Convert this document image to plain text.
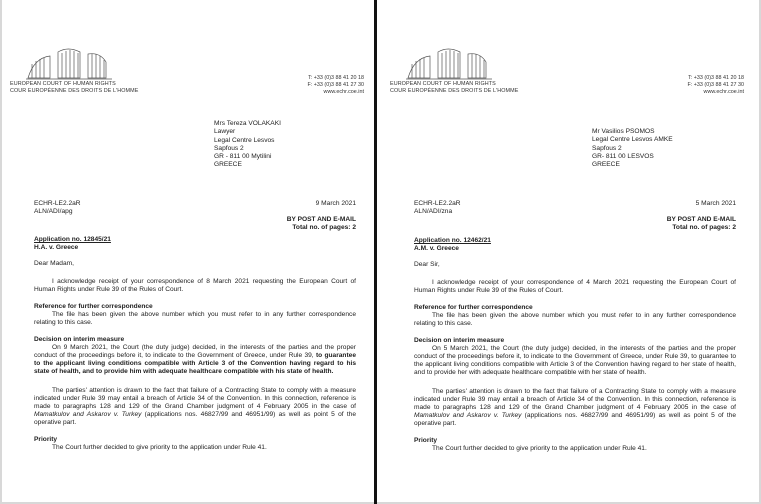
EUROPEAN COURT OF HUMAN RIGHTS
COUR EUROPÉENNE DES DROITS DE L'HOMME
T: +33 (0)3 88 41 20 18
F: +33 (0)3 88 41 27 30
www.echr.coe.int
Mrs Tereza VOLAKAKI
Lawyer
Legal Centre Lesvos
Sapfous 2
GR - 811 00 Mytilini
GREECE
ECHR-LE2.2aR
ALN/ADI/apg
9 March 2021
BY POST AND E-MAIL
Total no. of pages: 2

Application no. 12845/21

H.A. v. Greece

Dear Madam,

I acknowledge receipt of your correspondence of 8 March 2021 requesting the European Court of Human Rights under Rule 39 of the Rules of Court.

Reference for further correspondence

The file has been given the above number which you must refer to in any further correspondence relating to this case.

Decision on interim measure

On 9 March 2021, the Court (the duty judge) decided, in the interests of the parties and the proper conduct of the proceedings before it, to indicate to the Government of Greece, under Rule 39, to guarantee to the applicant living conditions compatible with Article 3 of the Convention having regard to his state of health, and to provide him with adequate healthcare compatible with his state of health.

The parties' attention is drawn to the fact that failure of a Contracting State to comply with a measure indicated under Rule 39 may entail a breach of Article 34 of the Convention. In this connection, reference is made to paragraphs 128 and 129 of the Grand Chamber judgment of 4 February 2005 in the case of Mamatkulov and Askarov v. Turkey (applications nos. 46827/99 and 46951/99) as well as point 5 of the operative part.

Priority

The Court further decided to give priority to the application under Rule 41.

EUROPEAN COURT OF HUMAN RIGHTS
COUR EUROPÉENNE DES DROITS DE L'HOMME
T: +33 (0)3 88 41 20 18
F: +33 (0)3 88 41 27 30
www.echr.coe.int
Mr Vasilios PSOMOS
Legal Centre Lesvos AMKE
Sapfous 2
GR- 811 00 LESVOS
GREECE
ECHR-LE2.2aR
ALN/ADI/zna
5 March 2021
BY POST AND E-MAIL
Total no. of pages: 2

Application no. 12462/21

A.M. v. Greece

Dear Sir,

I acknowledge receipt of your correspondence of 4 March 2021 requesting the European Court of Human Rights under Rule 39 of the Rules of Court.

Reference for further correspondence

The file has been given the above number which you must refer to in any further correspondence relating to this case.

Decision on interim measure

On 5 March 2021, the Court (the duty judge) decided, in the interests of the parties and the proper conduct of the proceedings before it, to indicate to the Government of Greece, under Rule 39, to guarantee to the applicant living conditions compatible with Article 3 of the Convention having regard to her state of health, and to provide her with adequate healthcare compatible with her state of health.

The parties' attention is drawn to the fact that failure of a Contracting State to comply with a measure indicated under Rule 39 may entail a breach of Article 34 of the Convention. In this connection, reference is made to paragraphs 128 and 129 of the Grand Chamber judgment of 4 February 2005 in the case of Mamatkulov and Askarov v. Turkey (applications nos. 46827/99 and 46951/99) as well as point 5 of the operative part.

Priority

The Court further decided to give priority to the application under Rule 41.
